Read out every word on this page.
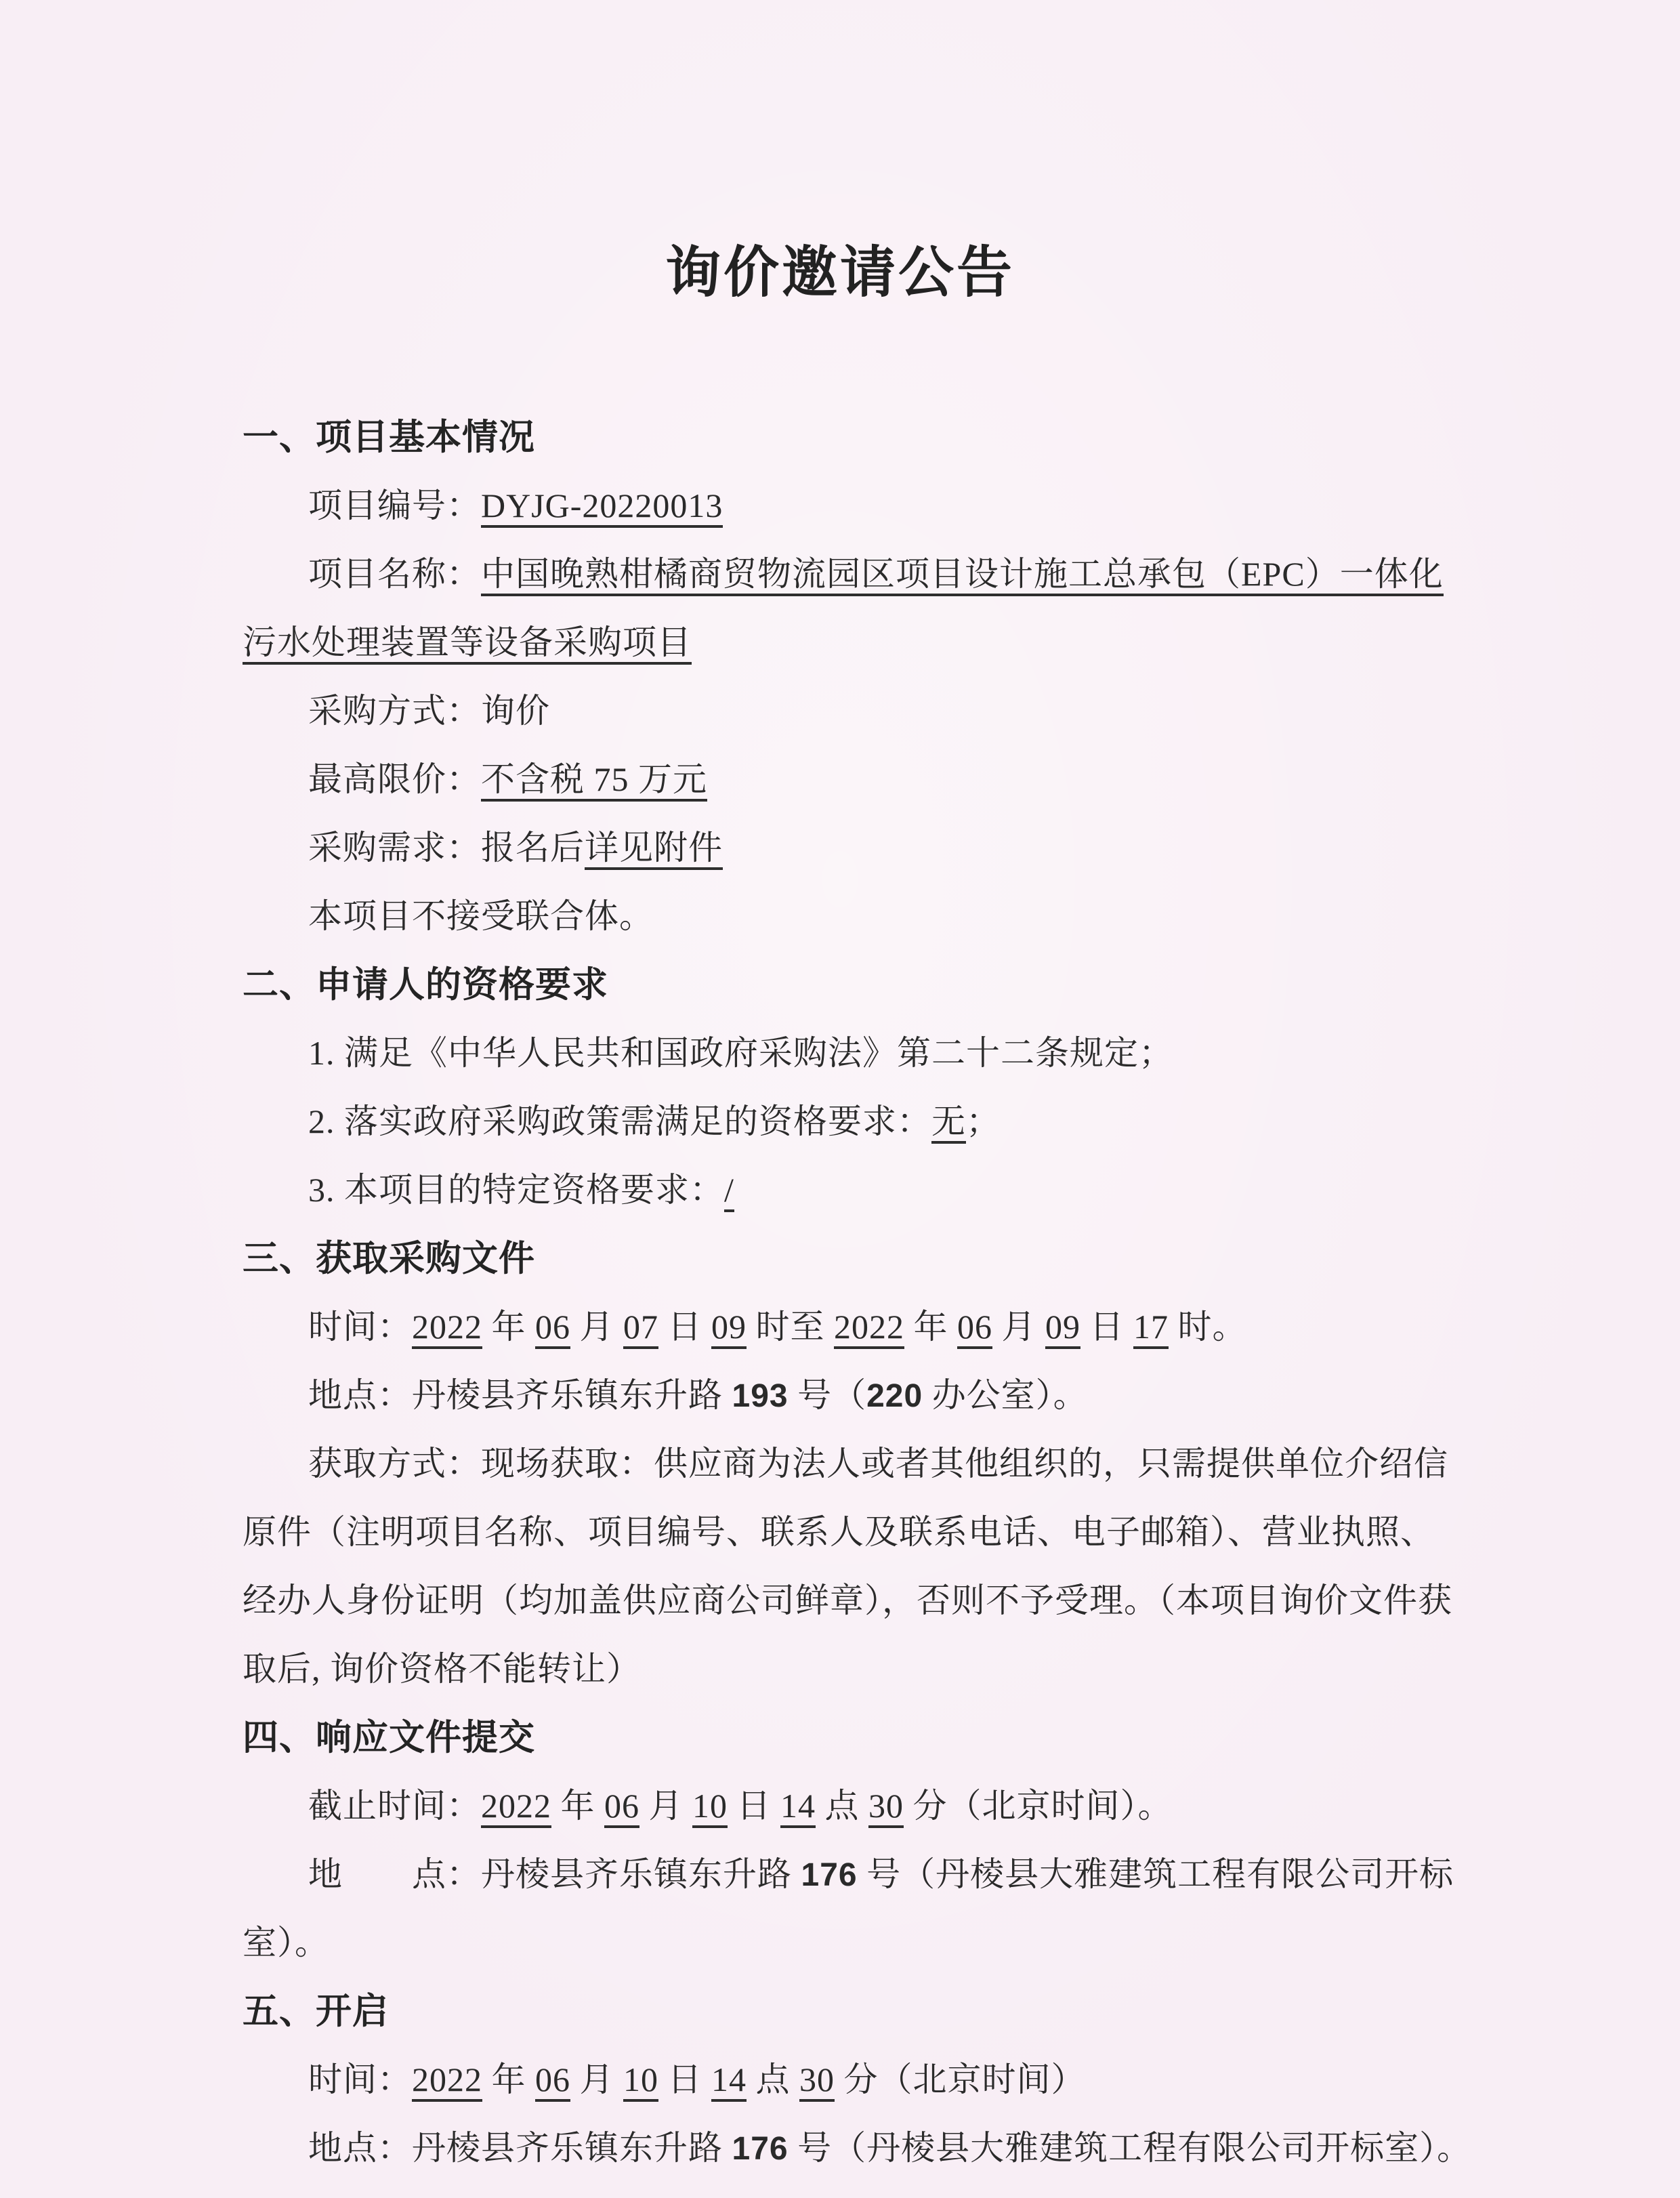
询价邀请公告
一、项目基本情况
项目编号：DYJG-20220013
项目名称：中国晚熟柑橘商贸物流园区项目设计施工总承包（EPC）一体化
污水处理装置等设备采购项目
采购方式：询价
最高限价：不含税 75 万元
采购需求：报名后详见附件
本项目不接受联合体。
二、申请人的资格要求
1. 满足《中华人民共和国政府采购法》第二十二条规定；
2. 落实政府采购政策需满足的资格要求：无；
3. 本项目的特定资格要求：/
三、获取采购文件
时间：2022 年 06 月 07 日 09 时至 2022 年 06 月 09 日 17 时。
地点：丹棱县齐乐镇东升路 193 号（220 办公室）。
获取方式：现场获取：供应商为法人或者其他组织的，只需提供单位介绍信
原件（注明项目名称、项目编号、联系人及联系电话、电子邮箱）、营业执照、
经办人身份证明（均加盖供应商公司鲜章），否则不予受理。（本项目询价文件获
取后, 询价资格不能转让）
四、响应文件提交
截止时间：2022 年 06 月 10 日 14 点 30 分（北京时间）。
地　　点：丹棱县齐乐镇东升路 176 号（丹棱县大雅建筑工程有限公司开标
室）。
五、开启
时间：2022 年 06 月 10 日 14 点 30 分（北京时间）
地点：丹棱县齐乐镇东升路 176 号（丹棱县大雅建筑工程有限公司开标室）。
